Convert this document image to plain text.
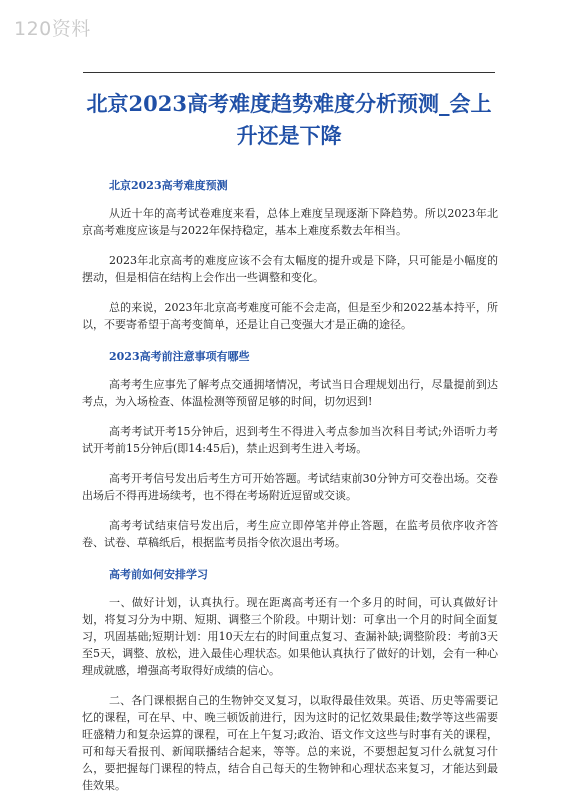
120资料
北京2023高考难度趋势难度分析预测_会上升还是下降
北京2023高考难度预测

从近十年的高考试卷难度来看，总体上难度呈现逐渐下降趋势。所以2023年北京高考难度应该是与2022年保持稳定，基本上难度系数去年相当。

2023年北京高考的难度应该不会有太幅度的提升或是下降，只可能是小幅度的摆动，但是相信在结构上会作出一些调整和变化。

总的来说，2023年北京高考难度可能不会走高，但是至少和2022基本持平，所以，不要寄希望于高考变简单，还是让自己变强大才是正确的途径。

2023高考前注意事项有哪些

高考考生应事先了解考点交通拥堵情况，考试当日合理规划出行，尽量提前到达考点，为入场检查、体温检测等预留足够的时间，切勿迟到!

高考考试开考15分钟后，迟到考生不得进入考点参加当次科目考试;外语听力考试开考前15分钟后(即14:45后)，禁止迟到考生进入考场。

高考开考信号发出后考生方可开始答题。考试结束前30分钟方可交卷出场。交卷出场后不得再进场续考，也不得在考场附近逗留或交谈。

高考考试结束信号发出后，考生应立即停笔并停止答题，在监考员依序收齐答卷、试卷、草稿纸后，根据监考员指令依次退出考场。

高考前如何安排学习

一、做好计划，认真执行。现在距离高考还有一个多月的时间，可认真做好计划，将复习分为中期、短期、调整三个阶段。中期计划：可拿出一个月的时间全面复习，巩固基础;短期计划：用10天左右的时间重点复习、查漏补缺;调整阶段：考前3天至5天，调整、放松，进入最佳心理状态。如果他认真执行了做好的计划，会有一种心理成就感，增强高考取得好成绩的信心。

二、各门课根据自己的生物钟交叉复习，以取得最佳效果。英语、历史等需要记忆的课程，可在早、中、晚三顿饭前进行，因为这时的记忆效果最佳;数学等这些需要旺盛精力和复杂运算的课程，可在上午复习;政治、语文作文这些与时事有关的课程，可和每天看报刊、新闻联播结合起来，等等。总的来说，不要想起复习什么就复习什么，要把握每门课程的特点，结合自己每天的生物钟和心理状态来复习，才能达到最佳效果。
